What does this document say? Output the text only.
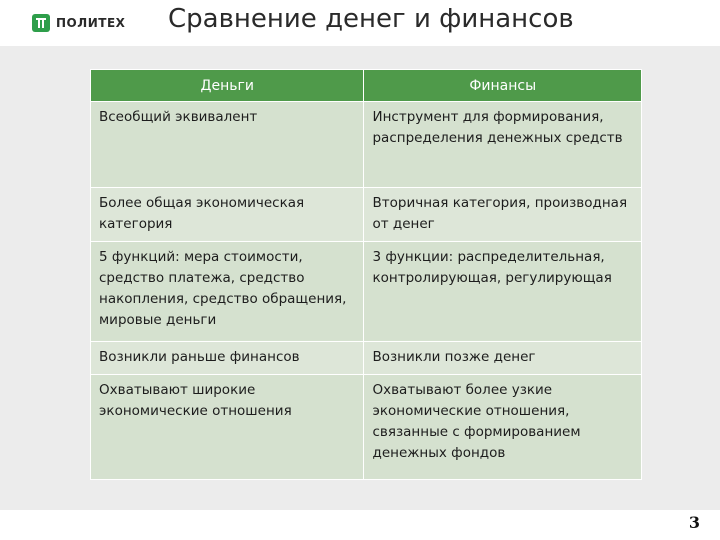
ПОЛИТЕХ Сравнение денег и финансов
Деньги	Финансы
Всеобщий эквивалент	Инструмент для формирования, распределения денежных средств
Более общая экономическая категория	Вторичная категория, производная от денег
5 функций: мера стоимости, средство платежа, средство накопления, средство обращения, мировые деньги	3 функции: распределительная, контролирующая, регулирующая
Возникли раньше финансов	Возникли позже денег
Охватывают широкие экономические отношения	Охватывают более узкие экономические отношения, связанные с формированием денежных фондов
3
